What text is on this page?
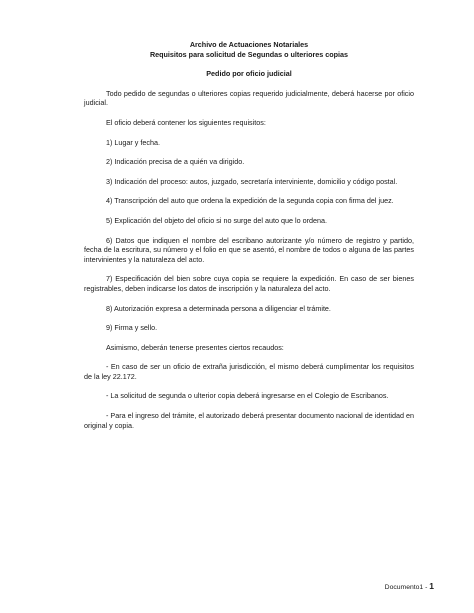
Archivo de Actuaciones Notariales
Requisitos para solicitud de Segundas o ulteriores copias
Pedido por oficio judicial

Todo pedido de segundas o ulteriores copias requerido judicialmente, deberá hacerse por oficio judicial.

El oficio deberá contener los siguientes requisitos:

1) Lugar y fecha.

2) Indicación precisa de a quién va dirigido.

3) Indicación del proceso: autos, juzgado, secretaría interviniente, domicilio y código postal.

4) Transcripción del auto que ordena la expedición de la segunda copia con firma del juez.

5) Explicación del objeto del oficio si no surge del auto que lo ordena.

6) Datos que indiquen el nombre del escribano autorizante y/o número de registro y partido, fecha de la escritura, su número y el folio en que se asentó, el nombre de todos o alguna de las partes intervinientes y la naturaleza del acto.

7) Especificación del bien sobre cuya copia se requiere la expedición. En caso de ser bienes registrables, deben indicarse los datos de inscripción y la naturaleza del acto.

8) Autorización expresa a determinada persona a diligenciar el trámite.

9) Firma y sello.

Asimismo, deberán tenerse presentes ciertos recaudos:

- En caso de ser un oficio de extraña jurisdicción, el mismo deberá cumplimentar los requisitos de la ley 22.172.

- La solicitud de segunda o ulterior copia deberá ingresarse en el Colegio de Escribanos.

- Para el ingreso del trámite, el autorizado deberá presentar documento nacional de identidad en original y copia.

Documento1 - 1
